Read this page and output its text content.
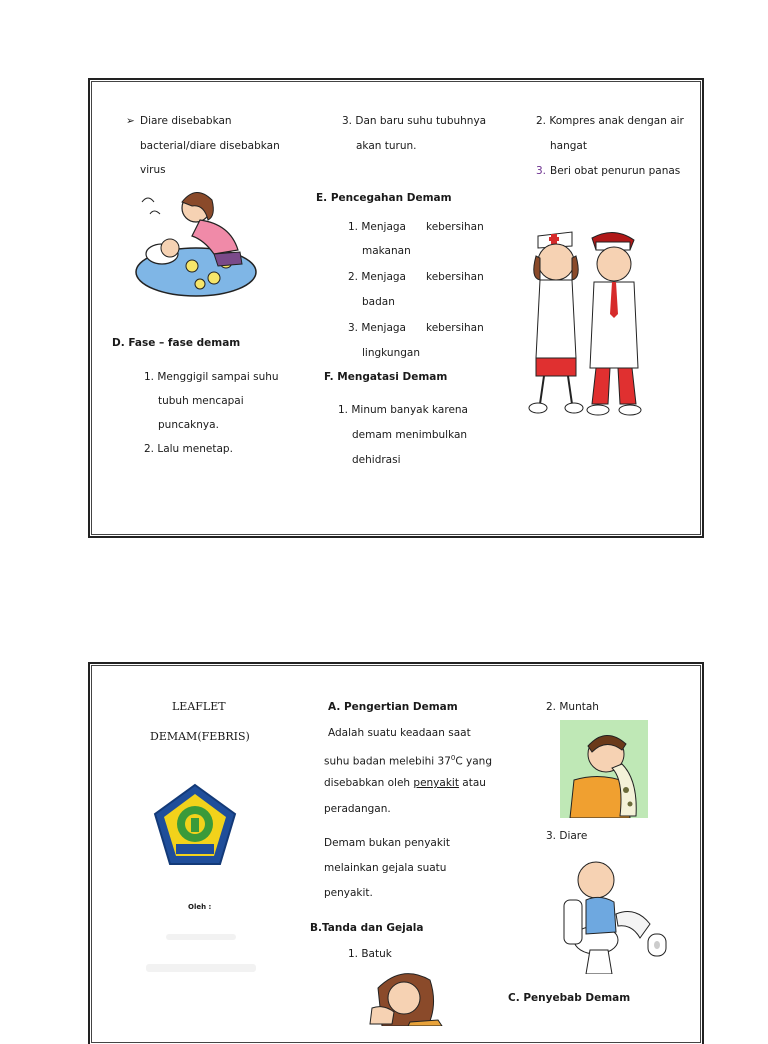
➢ Diare disebabkan
bacterial/diare disebabkan
virus
D. Fase – fase demam
1. Menggigil sampai suhu
tubuh mencapai
puncaknya.
2. Lalu menetap.
3. Dan baru suhu tubuhnya
akan turun.
E. Pencegahan Demam
1. Menjaga kebersihan
makanan
2. Menjaga kebersihan
badan
3. Menjaga kebersihan
lingkungan
F. Mengatasi Demam
1. Minum banyak karena
demam menimbulkan
dehidrasi
2. Kompres anak dengan air
hangat
3. Beri obat penurun panas
LEAFLET
DEMAM(FEBRIS)
Oleh :
A. Pengertian Demam
Adalah suatu keadaan saat
suhu badan melebihi $37^0C$ yang
disebabkan oleh penyakit atau
peradangan.
Demam bukan penyakit
melainkan gejala suatu
penyakit.
B.Tanda dan Gejala
1. Batuk
2. Muntah
3. Diare
C. Penyebab Demam
